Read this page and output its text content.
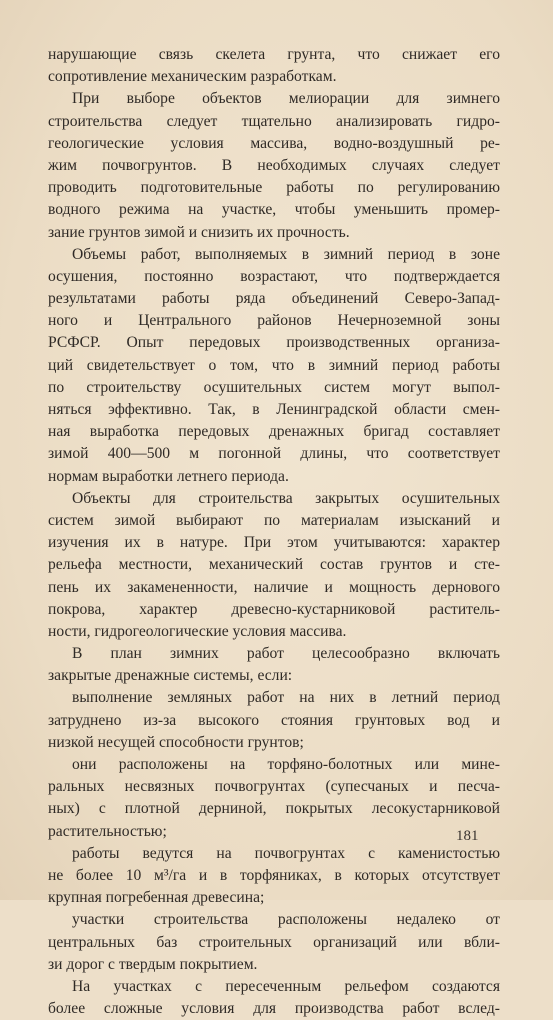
нарушающие связь скелета грунта, что снижает его
сопротивление механическим разработкам.
При выборе объектов мелиорации для зимнего
строительства следует тщательно анализировать гидро-
геологические условия массива, водно-воздушный ре-
жим почвогрунтов. В необходимых случаях следует
проводить подготовительные работы по регулированию
водного режима на участке, чтобы уменьшить промер-
зание грунтов зимой и снизить их прочность.
Объемы работ, выполняемых в зимний период в зоне
осушения, постоянно возрастают, что подтверждается
результатами работы ряда объединений Северо-Запад-
ного и Центрального районов Нечерноземной зоны
РСФСР. Опыт передовых производственных организа-
ций свидетельствует о том, что в зимний период работы
по строительству осушительных систем могут выпол-
няться эффективно. Так, в Ленинградской области смен-
ная выработка передовых дренажных бригад составляет
зимой 400—500 м погонной длины, что соответствует
нормам выработки летнего периода.
Объекты для строительства закрытых осушительных
систем зимой выбирают по материалам изысканий и
изучения их в натуре. При этом учитываются: характер
рельефа местности, механический состав грунтов и сте-
пень их закамененности, наличие и мощность дернового
покрова, характер древесно-кустарниковой раститель-
ности, гидрогеологические условия массива.
В план зимних работ целесообразно включать
закрытые дренажные системы, если:
выполнение земляных работ на них в летний период
затруднено из-за высокого стояния грунтовых вод и
низкой несущей способности грунтов;
они расположены на торфяно-болотных или мине-
ральных несвязных почвогрунтах (супесчаных и песча-
ных) с плотной дерниной, покрытых лесокустарниковой
растительностью;
работы ведутся на почвогрунтах с каменистостью
не более 10 м³/га и в торфяниках, в которых отсутствует
крупная погребенная древесина;
участки строительства расположены недалеко от
центральных баз строительных организаций или вбли-
зи дорог с твердым покрытием.
На участках с пересеченным рельефом создаются
более сложные условия для производства работ вслед-
181
